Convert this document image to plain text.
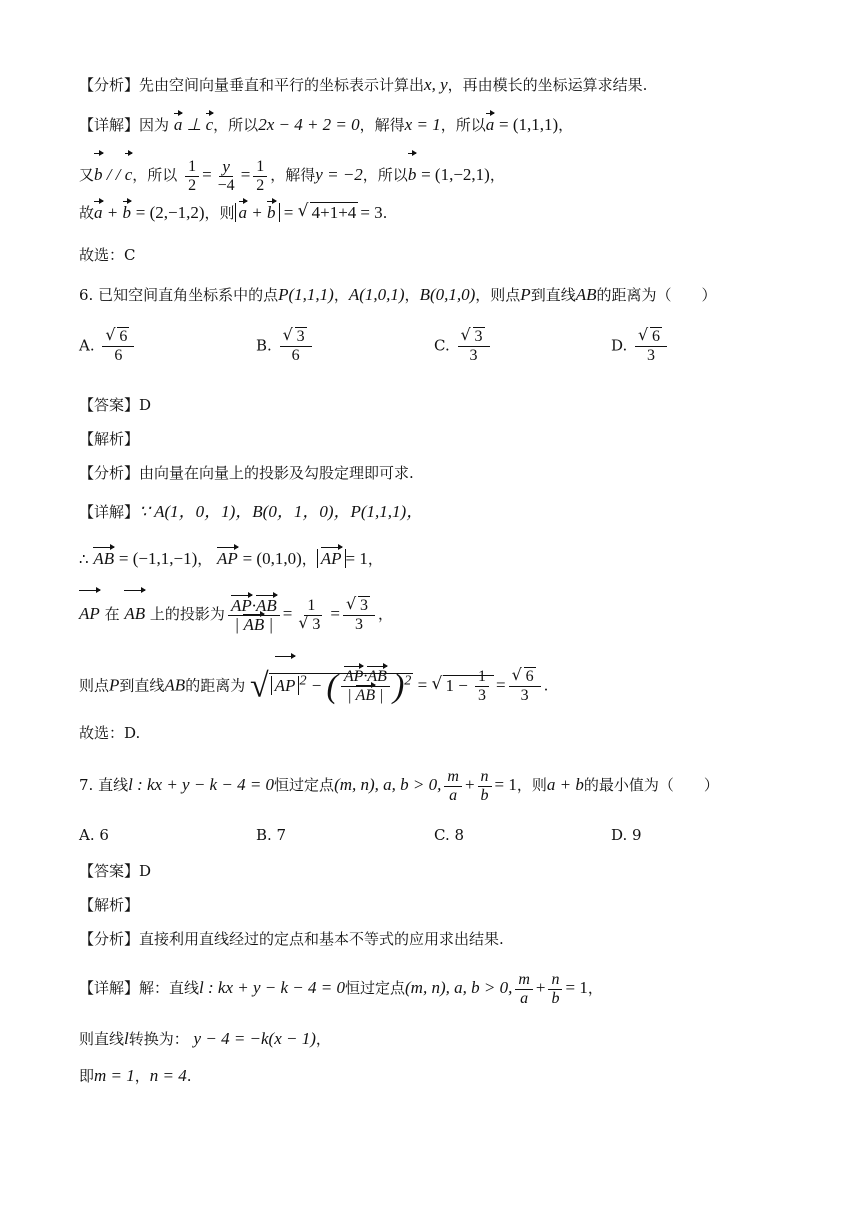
【分析】先由空间向量垂直和平行的坐标表示计算出x, y，再由模长的坐标运算求结果.
【详解】因为 a ⊥ c，所以2x − 4 + 2 = 0，解得x = 1，所以a = (1,1,1)，
又b / / c，所以 $\frac{1}{2} = \frac{y}{-4} = \frac{1}{2}$ ，解得y = −2，所以b = (1,−2,1)，
故a + b = (2,−1,2)，则 a + b = √ 4+1+4 = 3.
故选：C
6. 已知空间直角坐标系中的点P(1,1,1)，A(1,0,1)，B(0,1,0)，则点P到直线AB的距离为（　　）
A. $\frac{√ 6}{6}$	B. $\frac{√ 3}{6}$	C. $\frac{√ 3}{3}$	D. $\frac{√ 6}{3}$
【答案】D
【解析】
【分析】由向量在向量上的投影及勾股定理即可求.
【详解】∵ A(1，0，1)，B(0，1，0)，P(1,1,1)，
∴ AB = (−1,1,−1)， AP = (0,1,0)， AP = 1，
AP 在 AB 上的投影为 $\frac{AP\cdot AB}{| AB |} = \frac{1}{√ 3} = \frac{√ 3}{3}$ ，
则点P到直线AB的距离为 √ AP $^2$ − ( $\frac{AP\cdot AB}{| AB |} )^2$ = √ $1 - \frac{1}{3} = \frac{√ 6}{3}$ .
故选：D.
7. 直线l : kx + y − k − 4 = 0恒过定点(m, n), a, b > 0, $\frac{m}{a} + \frac{n}{b} = 1$，则a + b的最小值为（　　）
A. 6	B. 7	C. 8	D. 9
【答案】D
【解析】
【分析】直接利用直线经过的定点和基本不等式的应用求出结果.
【详解】解：直线l : kx + y − k − 4 = 0恒过定点(m, n), a, b > 0, $\frac{m}{a} + \frac{n}{b} = 1$，
则直线l转换为： y − 4 = −k(x − 1)，
即m = 1，n = 4.
